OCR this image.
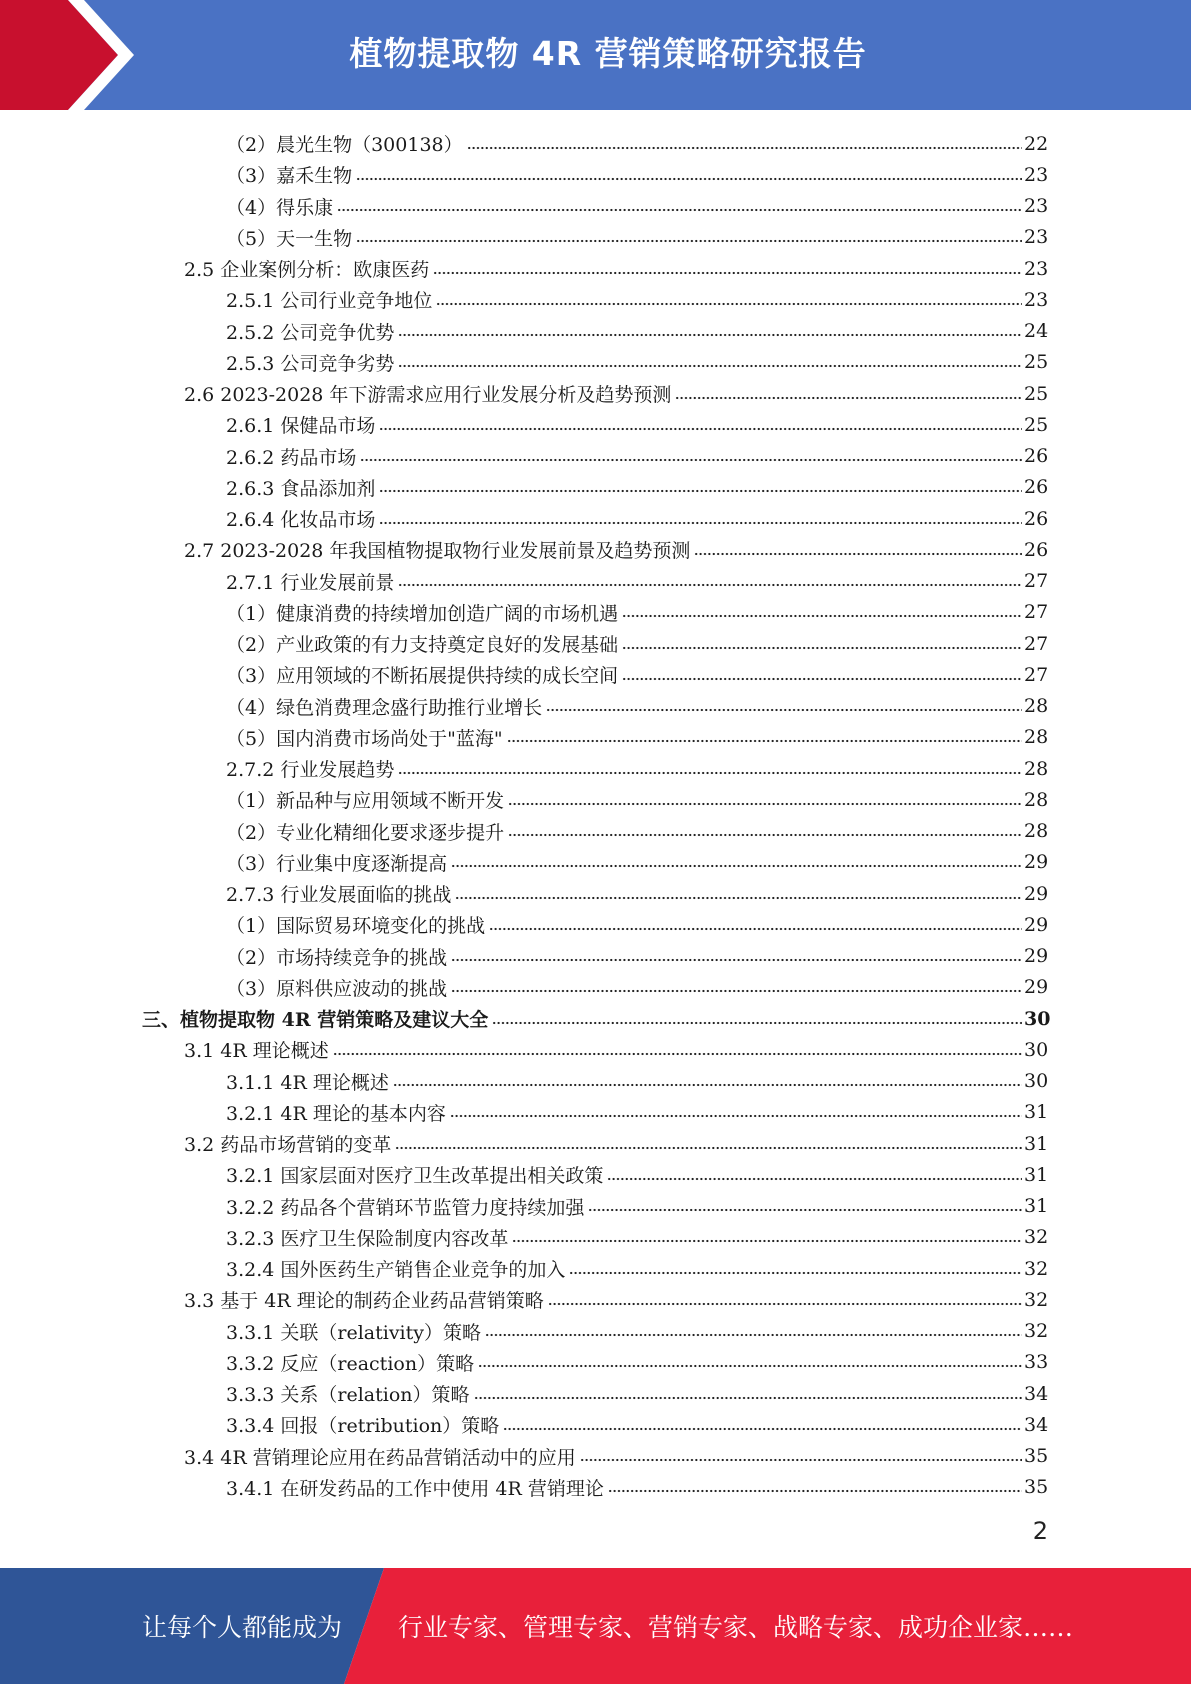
植物提取物 4R 营销策略研究报告
（2）晨光生物（300138）	22
（3）嘉禾生物	23
（4）得乐康	23
（5）天一生物	23
2.5 企业案例分析：欧康医药	23
2.5.1 公司行业竞争地位	23
2.5.2 公司竞争优势	24
2.5.3 公司竞争劣势	25
2.6 2023-2028 年下游需求应用行业发展分析及趋势预测	25
2.6.1 保健品市场	25
2.6.2 药品市场	26
2.6.3 食品添加剂	26
2.6.4 化妆品市场	26
2.7 2023-2028 年我国植物提取物行业发展前景及趋势预测	26
2.7.1 行业发展前景	27
（1）健康消费的持续增加创造广阔的市场机遇	27
（2）产业政策的有力支持奠定良好的发展基础	27
（3）应用领域的不断拓展提供持续的成长空间	27
（4）绿色消费理念盛行助推行业增长	28
（5）国内消费市场尚处于"蓝海"	28
2.7.2 行业发展趋势	28
（1）新品种与应用领域不断开发	28
（2）专业化精细化要求逐步提升	28
（3）行业集中度逐渐提高	29
2.7.3 行业发展面临的挑战	29
（1）国际贸易环境变化的挑战	29
（2）市场持续竞争的挑战	29
（3）原料供应波动的挑战	29
三、植物提取物 4R 营销策略及建议大全	30
3.1 4R 理论概述	30
3.1.1 4R 理论概述	30
3.2.1 4R 理论的基本内容	31
3.2 药品市场营销的变革	31
3.2.1 国家层面对医疗卫生改革提出相关政策	31
3.2.2 药品各个营销环节监管力度持续加强	31
3.2.3 医疗卫生保险制度内容改革	32
3.2.4 国外医药生产销售企业竞争的加入	32
3.3 基于 4R 理论的制药企业药品营销策略	32
3.3.1 关联（relativity）策略	32
3.3.2 反应（reaction）策略	33
3.3.3 关系（relation）策略	34
3.3.4 回报（retribution）策略	34
3.4 4R 营销理论应用在药品营销活动中的应用	35
3.4.1 在研发药品的工作中使用 4R 营销理论	35
2
让每个人都能成为 行业专家、管理专家、营销专家、战略专家、成功企业家……
